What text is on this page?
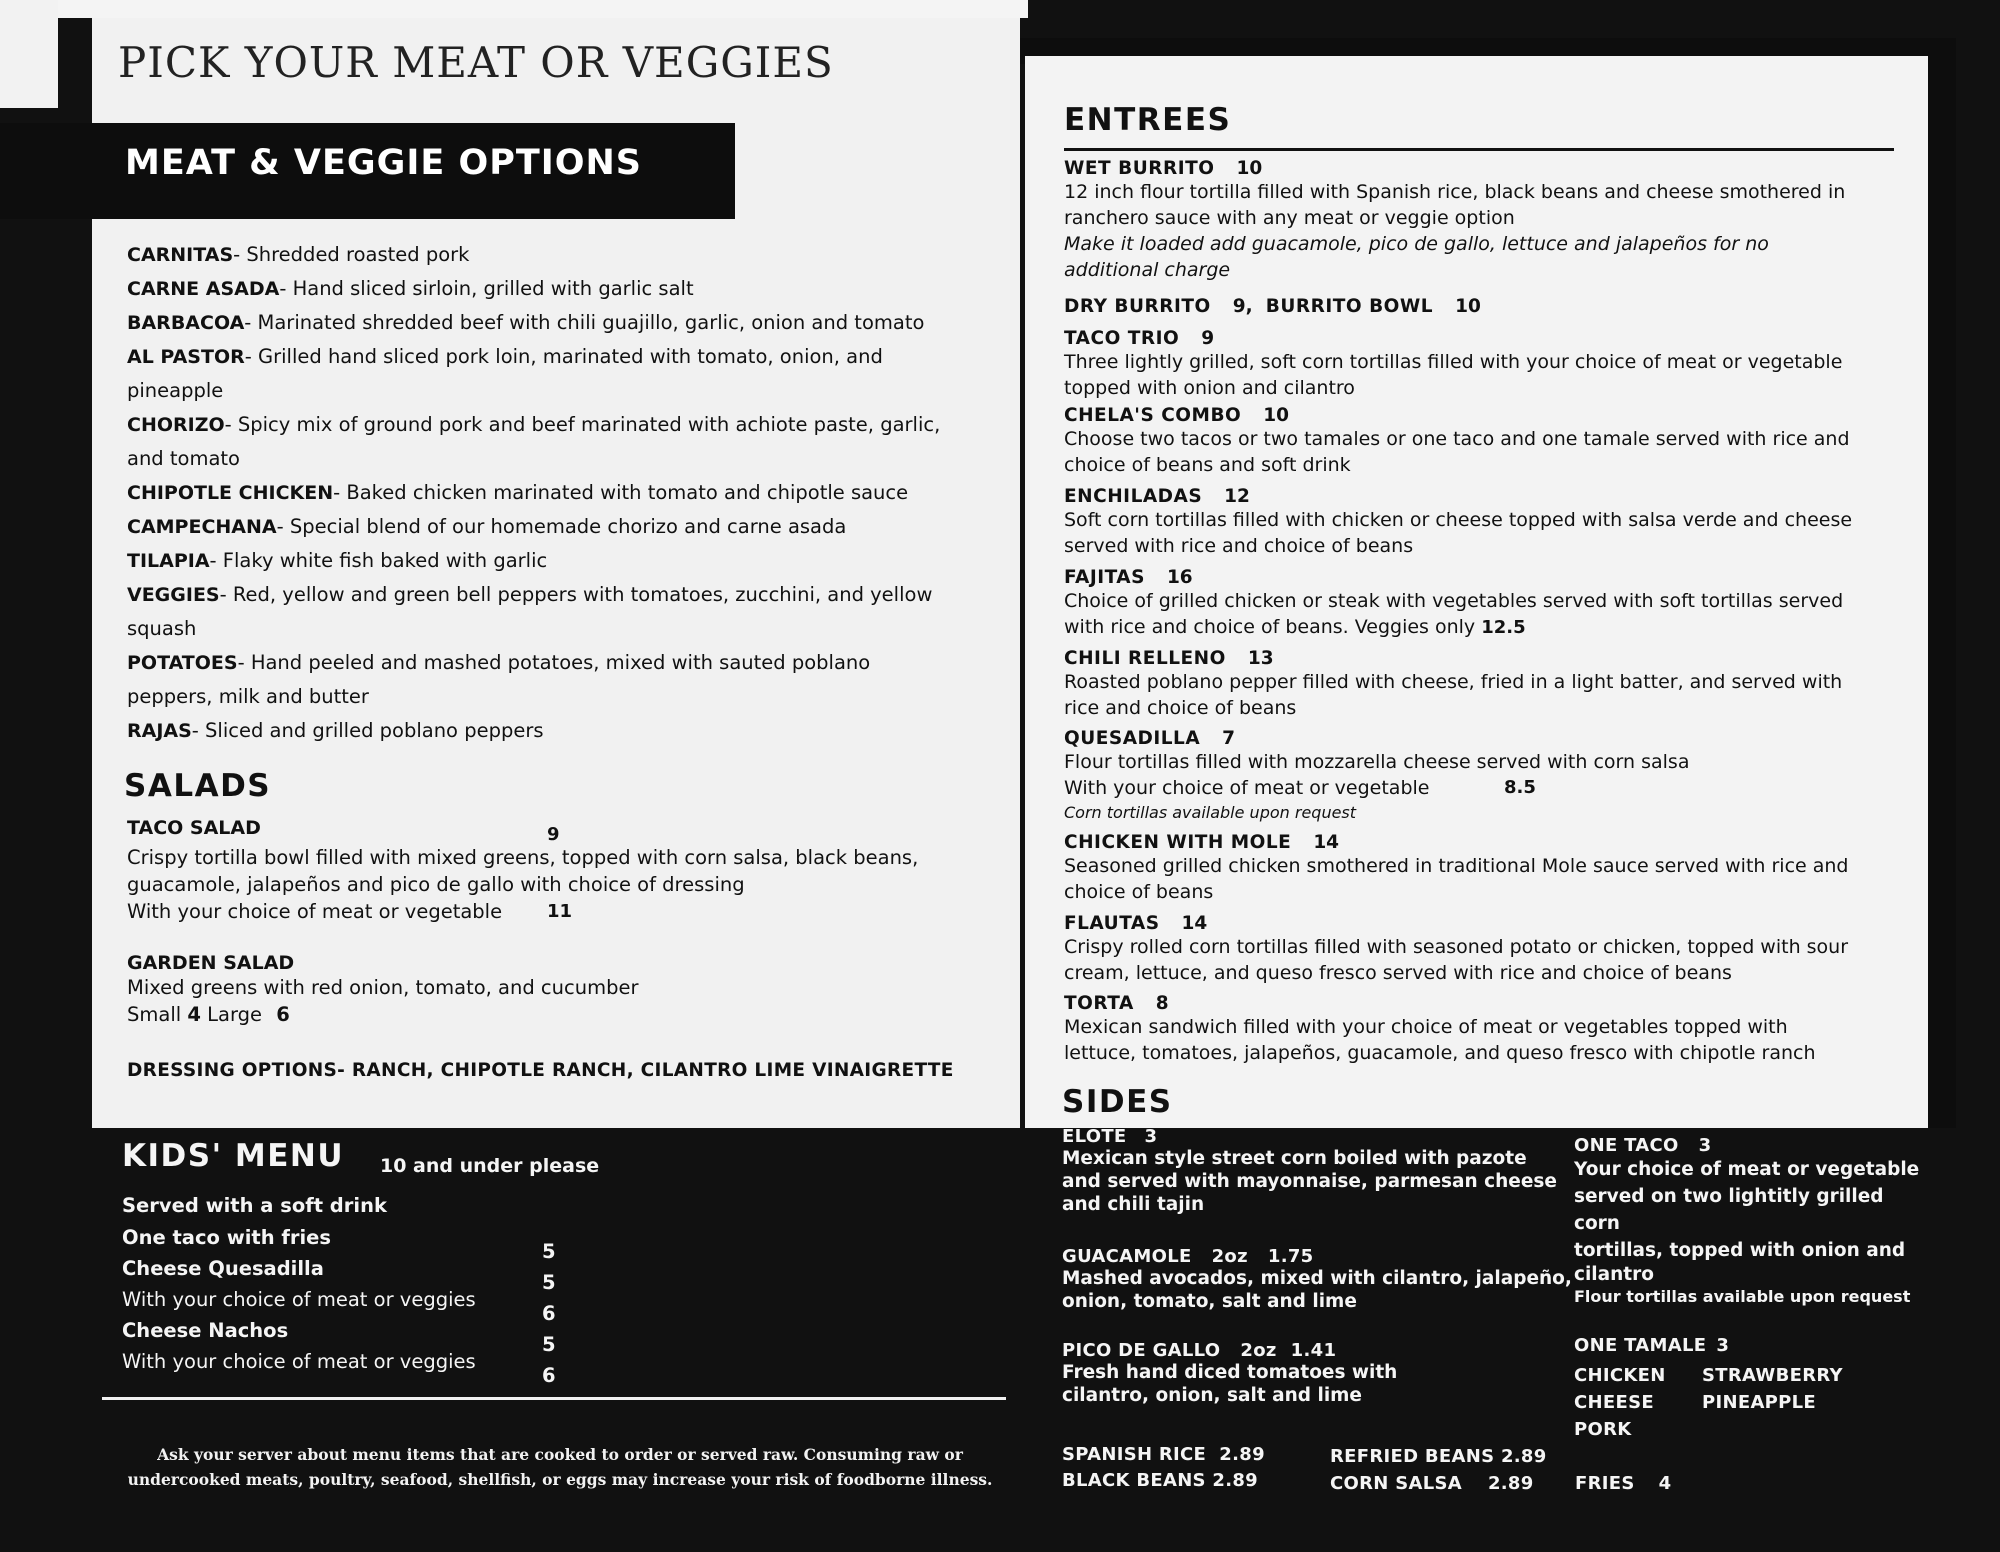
PICK YOUR MEAT OR VEGGIES
MEAT & VEGGIE OPTIONS
CARNITAS- Shredded roasted pork
CARNE ASADA- Hand sliced sirloin, grilled with garlic salt
BARBACOA- Marinated shredded beef with chili guajillo, garlic, onion and tomato
AL PASTOR- Grilled hand sliced pork loin, marinated with tomato, onion, and
pineapple
CHORIZO- Spicy mix of ground pork and beef marinated with achiote paste, garlic,
and tomato
CHIPOTLE CHICKEN- Baked chicken marinated with tomato and chipotle sauce
CAMPECHANA- Special blend of our homemade chorizo and carne asada
TILAPIA- Flaky white fish baked with garlic
VEGGIES- Red, yellow and green bell peppers with tomatoes, zucchini, and yellow
squash
POTATOES- Hand peeled and mashed potatoes, mixed with sauted poblano
peppers, milk and butter
RAJAS- Sliced and grilled poblano peppers
SALADS
TACO SALAD	9
Crispy tortilla bowl filled with mixed greens, topped with corn salsa, black beans,
guacamole, jalapeños and pico de gallo with choice of dressing
With your choice of meat or vegetable 11
GARDEN SALAD
Mixed greens with red onion, tomato, and cucumber
Small 4 Large 6
DRESSING OPTIONS- RANCH, CHIPOTLE RANCH, CILANTRO LIME VINAIGRETTE
KIDS' MENU 10 and under please
Served with a soft drink
One taco with fries
5
Cheese Quesadilla
5
With your choice of meat or veggies
6
Cheese Nachos
5
With your choice of meat or veggies
6
Ask your server about menu items that are cooked to order or served raw. Consuming raw or
undercooked meats, poultry, seafood, shellfish, or eggs may increase your risk of foodborne illness.
ENTREES
WET BURRITO 10
12 inch flour tortilla filled with Spanish rice, black beans and cheese smothered in
ranchero sauce with any meat or veggie option
Make it loaded add guacamole, pico de gallo, lettuce and jalapeños for no
additional charge
DRY BURRITO 9, BURRITO BOWL 10
TACO TRIO 9
Three lightly grilled, soft corn tortillas filled with your choice of meat or vegetable
topped with onion and cilantro
CHELA'S COMBO 10
Choose two tacos or two tamales or one taco and one tamale served with rice and
choice of beans and soft drink
ENCHILADAS 12
Soft corn tortillas filled with chicken or cheese topped with salsa verde and cheese
served with rice and choice of beans
FAJITAS 16
Choice of grilled chicken or steak with vegetables served with soft tortillas served
with rice and choice of beans. Veggies only 12.5
CHILI RELLENO 13
Roasted poblano pepper filled with cheese, fried in a light batter, and served with
rice and choice of beans
QUESADILLA 7
Flour tortillas filled with mozzarella cheese served with corn salsa
With your choice of meat or vegetable	8.5
Corn tortillas available upon request
CHICKEN WITH MOLE 14
Seasoned grilled chicken smothered in traditional Mole sauce served with rice and
choice of beans
FLAUTAS 14
Crispy rolled corn tortillas filled with seasoned potato or chicken, topped with sour
cream, lettuce, and queso fresco served with rice and choice of beans
TORTA 8
Mexican sandwich filled with your choice of meat or vegetables topped with
lettuce, tomatoes, jalapeños, guacamole, and queso fresco with chipotle ranch
SIDES
ELOTE 3
Mexican style street corn boiled with pazote
and served with mayonnaise, parmesan cheese
and chili tajin
GUACAMOLE 2oz 1.75
Mashed avocados, mixed with cilantro, jalapeño,
onion, tomato, salt and lime
PICO DE GALLO 2oz 1.41
Fresh hand diced tomatoes with
cilantro, onion, salt and lime
SPANISH RICE  2.89
BLACK BEANS 2.89
REFRIED BEANS 2.89
CORN SALSA 2.89
ONE TACO 3
Your choice of meat or vegetable
served on two lightitly grilled corn
tortillas, topped with onion and
cilantro
Flour tortillas available upon request
ONE TAMALE 3
CHICKEN
CHEESE
PORK
STRAWBERRY
PINEAPPLE
FRIES 4
